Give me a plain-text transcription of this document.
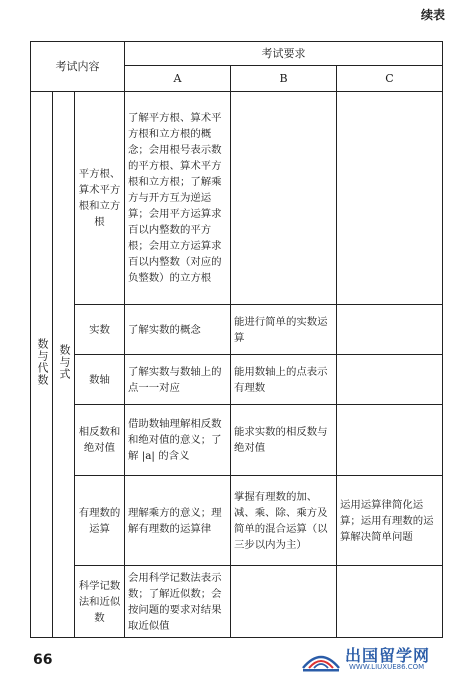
续表
考试内容			考试要求		
			A	B	C
数与代数	数与式	平方根、算术平方根和立方根	了解平方根、算术平方根和立方根的概念；会用根号表示数的平方根、算术平方根和立方根；了解乘方与开方互为逆运算；会用平方运算求百以内整数的平方根；会用立方运算求百以内整数（对应的负整数）的立方根		
		实数	了解实数的概念	能进行简单的实数运算	
		数轴	了解实数与数轴上的点一一对应	能用数轴上的点表示有理数	
		相反数和绝对值	借助数轴理解相反数和绝对值的意义；了解 |a| 的含义	能求实数的相反数与绝对值	
		有理数的运算	理解乘方的意义；理解有理数的运算律	掌握有理数的加、减、乘、除、乘方及简单的混合运算（以三步以内为主）	运用运算律简化运算；运用有理数的运算解决简单问题
		科学记数法和近似数	会用科学记数法表示数；了解近似数；会按问题的要求对结果取近似值		
66	出国留学网
WWW.LIUXUE86.COM
